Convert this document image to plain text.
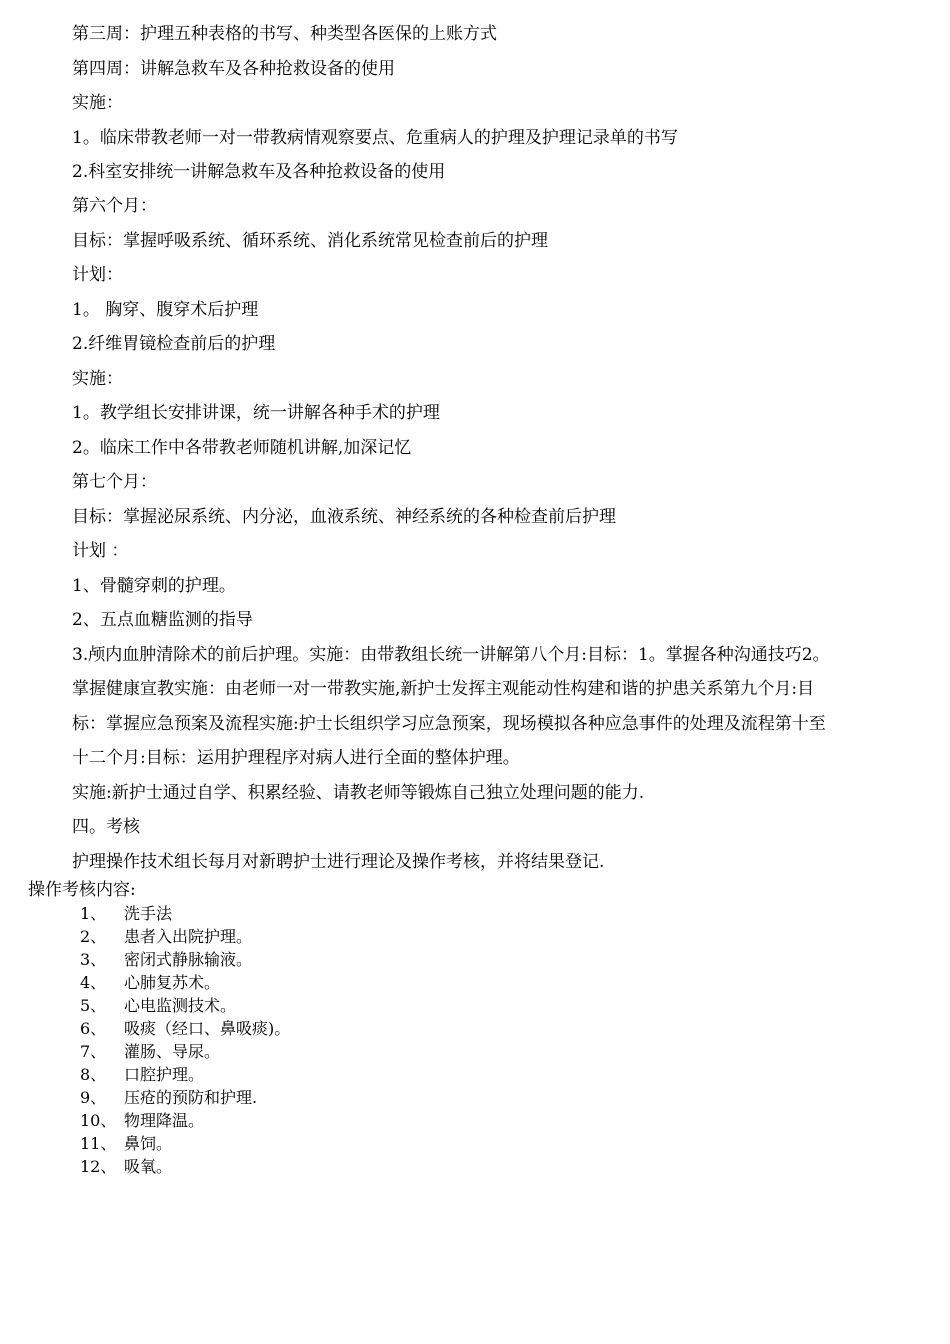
第三周：护理五种表格的书写、种类型各医保的上账方式
第四周：讲解急救车及各种抢救设备的使用
实施：
1。临床带教老师一对一带教病情观察要点、危重病人的护理及护理记录单的书写
2.科室安排统一讲解急救车及各种抢救设备的使用
第六个月：
目标：掌握呼吸系统、循环系统、消化系统常见检查前后的护理
计划：
1。 胸穿、腹穿术后护理
2.纤维胃镜检查前后的护理
实施：
1。教学组长安排讲课，统一讲解各种手术的护理
2。临床工作中各带教老师随机讲解,加深记忆
第七个月：
目标：掌握泌尿系统、内分泌，血液系统、神经系统的各种检查前后护理
计划 ：
1、骨髓穿刺的护理。
2、五点血糖监测的指导
3.颅内血肿清除术的前后护理。实施：由带教组长统一讲解第八个月:目标：1。掌握各种沟通技巧2。
掌握健康宣教实施：由老师一对一带教实施,新护士发挥主观能动性构建和谐的护患关系第九个月:目
标：掌握应急预案及流程实施:护士长组织学习应急预案，现场模拟各种应急事件的处理及流程第十至
十二个月:目标：运用护理程序对病人进行全面的整体护理。
实施:新护士通过自学、积累经验、请教老师等锻炼自己独立处理问题的能力.
四。考核
护理操作技术组长每月对新聘护士进行理论及操作考核，并将结果登记.
操作考核内容:
1、 洗手法
2、 患者入出院护理。
3、 密闭式静脉输液。
4、 心肺复苏术。
5、 心电监测技术。
6、 吸痰（经口、鼻吸痰)。
7、 灌肠、导尿。
8、 口腔护理。
9、 压疮的预防和护理.
10、 物理降温。
11、 鼻饲。
12、 吸氧。
